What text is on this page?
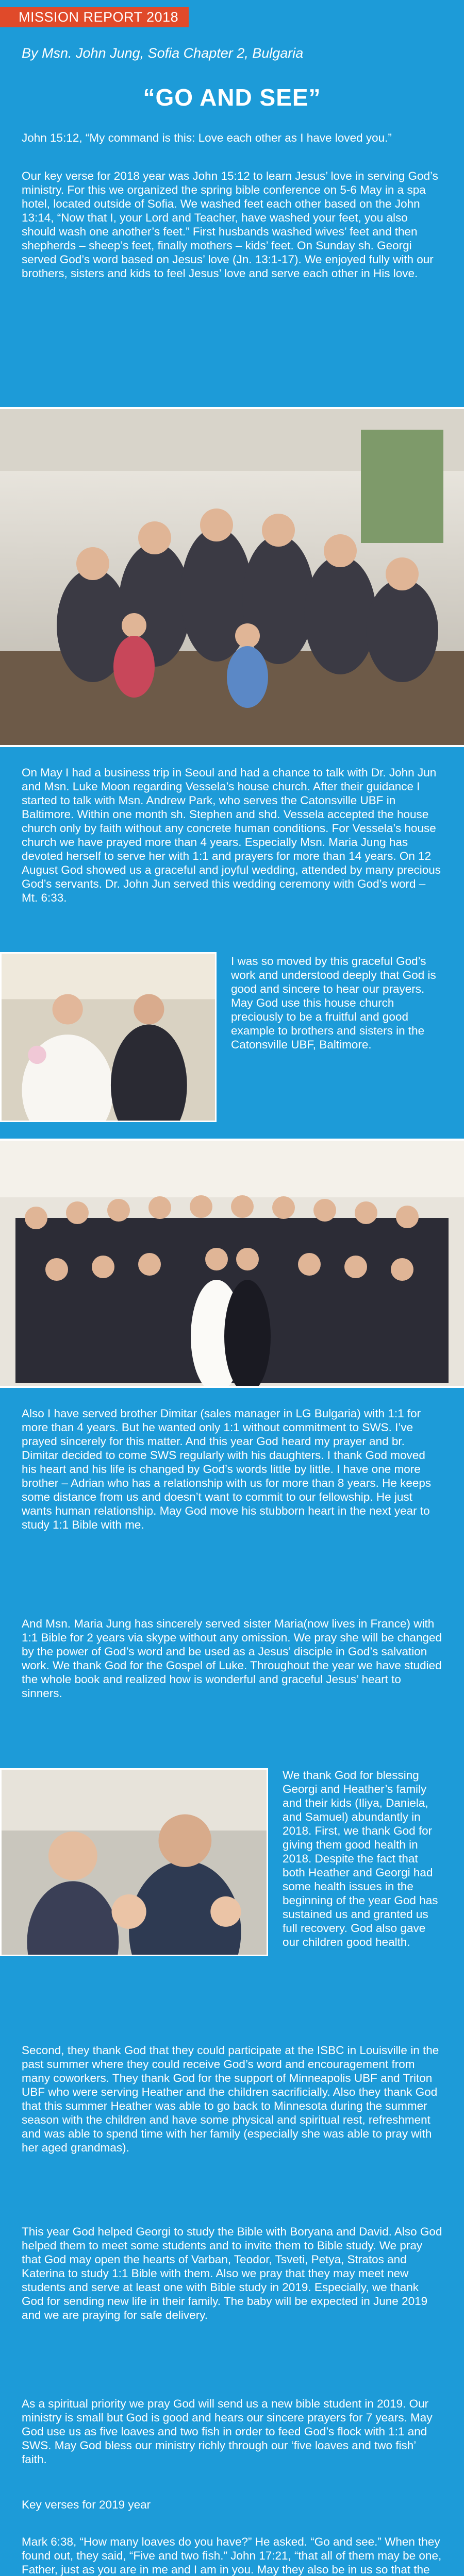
MISSION REPORT 2018
By Msn. John Jung, Sofia Chapter 2, Bulgaria
“GO AND SEE”

John 15:12, “My command is this: Love each other as I have loved you.”

Our key verse for 2018 year was John 15:12 to learn Jesus’ love in serving God’s ministry. For this we organized the spring bible conference on 5-6 May in a spa hotel, located outside of Sofia. We washed feet each other based on the John 13:14, “Now that I, your Lord and Teacher, have washed your feet, you also should wash one another’s feet.” First husbands washed wives’ feet and then shepherds – sheep’s feet, finally mothers – kids’ feet. On Sunday sh. Georgi served God’s word based on Jesus’ love (Jn. 13:1-17). We enjoyed fully with our brothers, sisters and kids to feel Jesus’ love and serve each other in His love.

On May I had a business trip in Seoul and had a chance to talk with Dr. John Jun and Msn. Luke Moon regarding Vessela’s house church. After their guidance I started to talk with Msn. Andrew Park, who serves the Catonsville UBF in Baltimore. Within one month sh. Stephen and shd. Vessela accepted the house church only by faith without any concrete human conditions. For Vessela’s house church we have prayed more than 4 years. Especially Msn. Maria Jung has devoted herself to serve her with 1:1 and prayers for more than 14 years. On 12 August God showed us a graceful and joyful wedding, attended by many precious God’s servants. Dr. John Jun served this wedding ceremony with God’s word – Mt. 6:33.

I was so moved by this graceful God’s work and understood deeply that God is good and sincere to hear our prayers. May God use this house church preciously to be a fruitful and good example to brothers and sisters in the Catonsville UBF, Baltimore.

Also I have served brother Dimitar (sales manager in LG Bulgaria) with 1:1 for more than 4 years. But he wanted only 1:1 without commitment to SWS. I’ve prayed sincerely for this matter. And this year God heard my prayer and br. Dimitar decided to come SWS regularly with his daughters. I thank God moved his heart and his life is changed by God’s words little by little. I have one more brother – Adrian who has a relationship with us for more than 8 years. He keeps some distance from us and doesn’t want to commit to our fellowship. He just wants human relationship. May God move his stubborn heart in the next year to study 1:1 Bible with me.

And Msn. Maria Jung has sincerely served sister Maria(now lives in France) with 1:1 Bible for 2 years via skype without any omission. We pray she will be changed by the power of God’s word and be used as a Jesus’ disciple in God’s salvation work. We thank God for the Gospel of Luke. Throughout the year we have studied the whole book and realized how is wonderful and graceful Jesus’ heart to sinners.

We thank God for blessing Georgi and Heather’s family and their kids (Iliya, Daniela, and Samuel) abundantly in 2018. First, we thank God for giving them good health in 2018. Despite the fact that both Heather and Georgi had some health issues in the beginning of the year God has sustained us and granted us full recovery. God also gave our children good health.

Second, they thank God that they could participate at the ISBC in Louisville in the past summer where they could receive God’s word and encouragement from many coworkers. They thank God for the support of Minneapolis UBF and Triton UBF who were serving Heather and the children sacrificially. Also they thank God that this summer Heather was able to go back to Minnesota during the summer season with the children and have some physical and spiritual rest, refreshment and was able to spend time with her family (especially she was able to pray with her aged grandmas).

This year God helped Georgi to study the Bible with Boryana and David. Also God helped them to meet some students and to invite them to Bible study. We pray that God may open the hearts of Varban, Teodor, Tsveti, Petya, Stratos and Katerina to study 1:1 Bible with them. Also we pray that they may meet new students and serve at least one with Bible study in 2019. Especially, we thank God for sending new life in their family. The baby will be expected in June 2019 and we are praying for safe delivery.

As a spiritual priority we pray God will send us a new bible student in 2019. Our ministry is small but God is good and hears our sincere prayers for 7 years. May God use us as five loaves and two fish in order to feed God’s flock with 1:1 and SWS. May God bless our ministry richly through our ‘five loaves and two fish’ faith.

Key verses for 2019 year

Mark 6:38, “How many loaves do you have?” He asked. “Go and see.” When they found out, they said, “Five and two fish.” John 17:21, “that all of them may be one, Father, just as you are in me and I am in you. May they also be in us so that the
